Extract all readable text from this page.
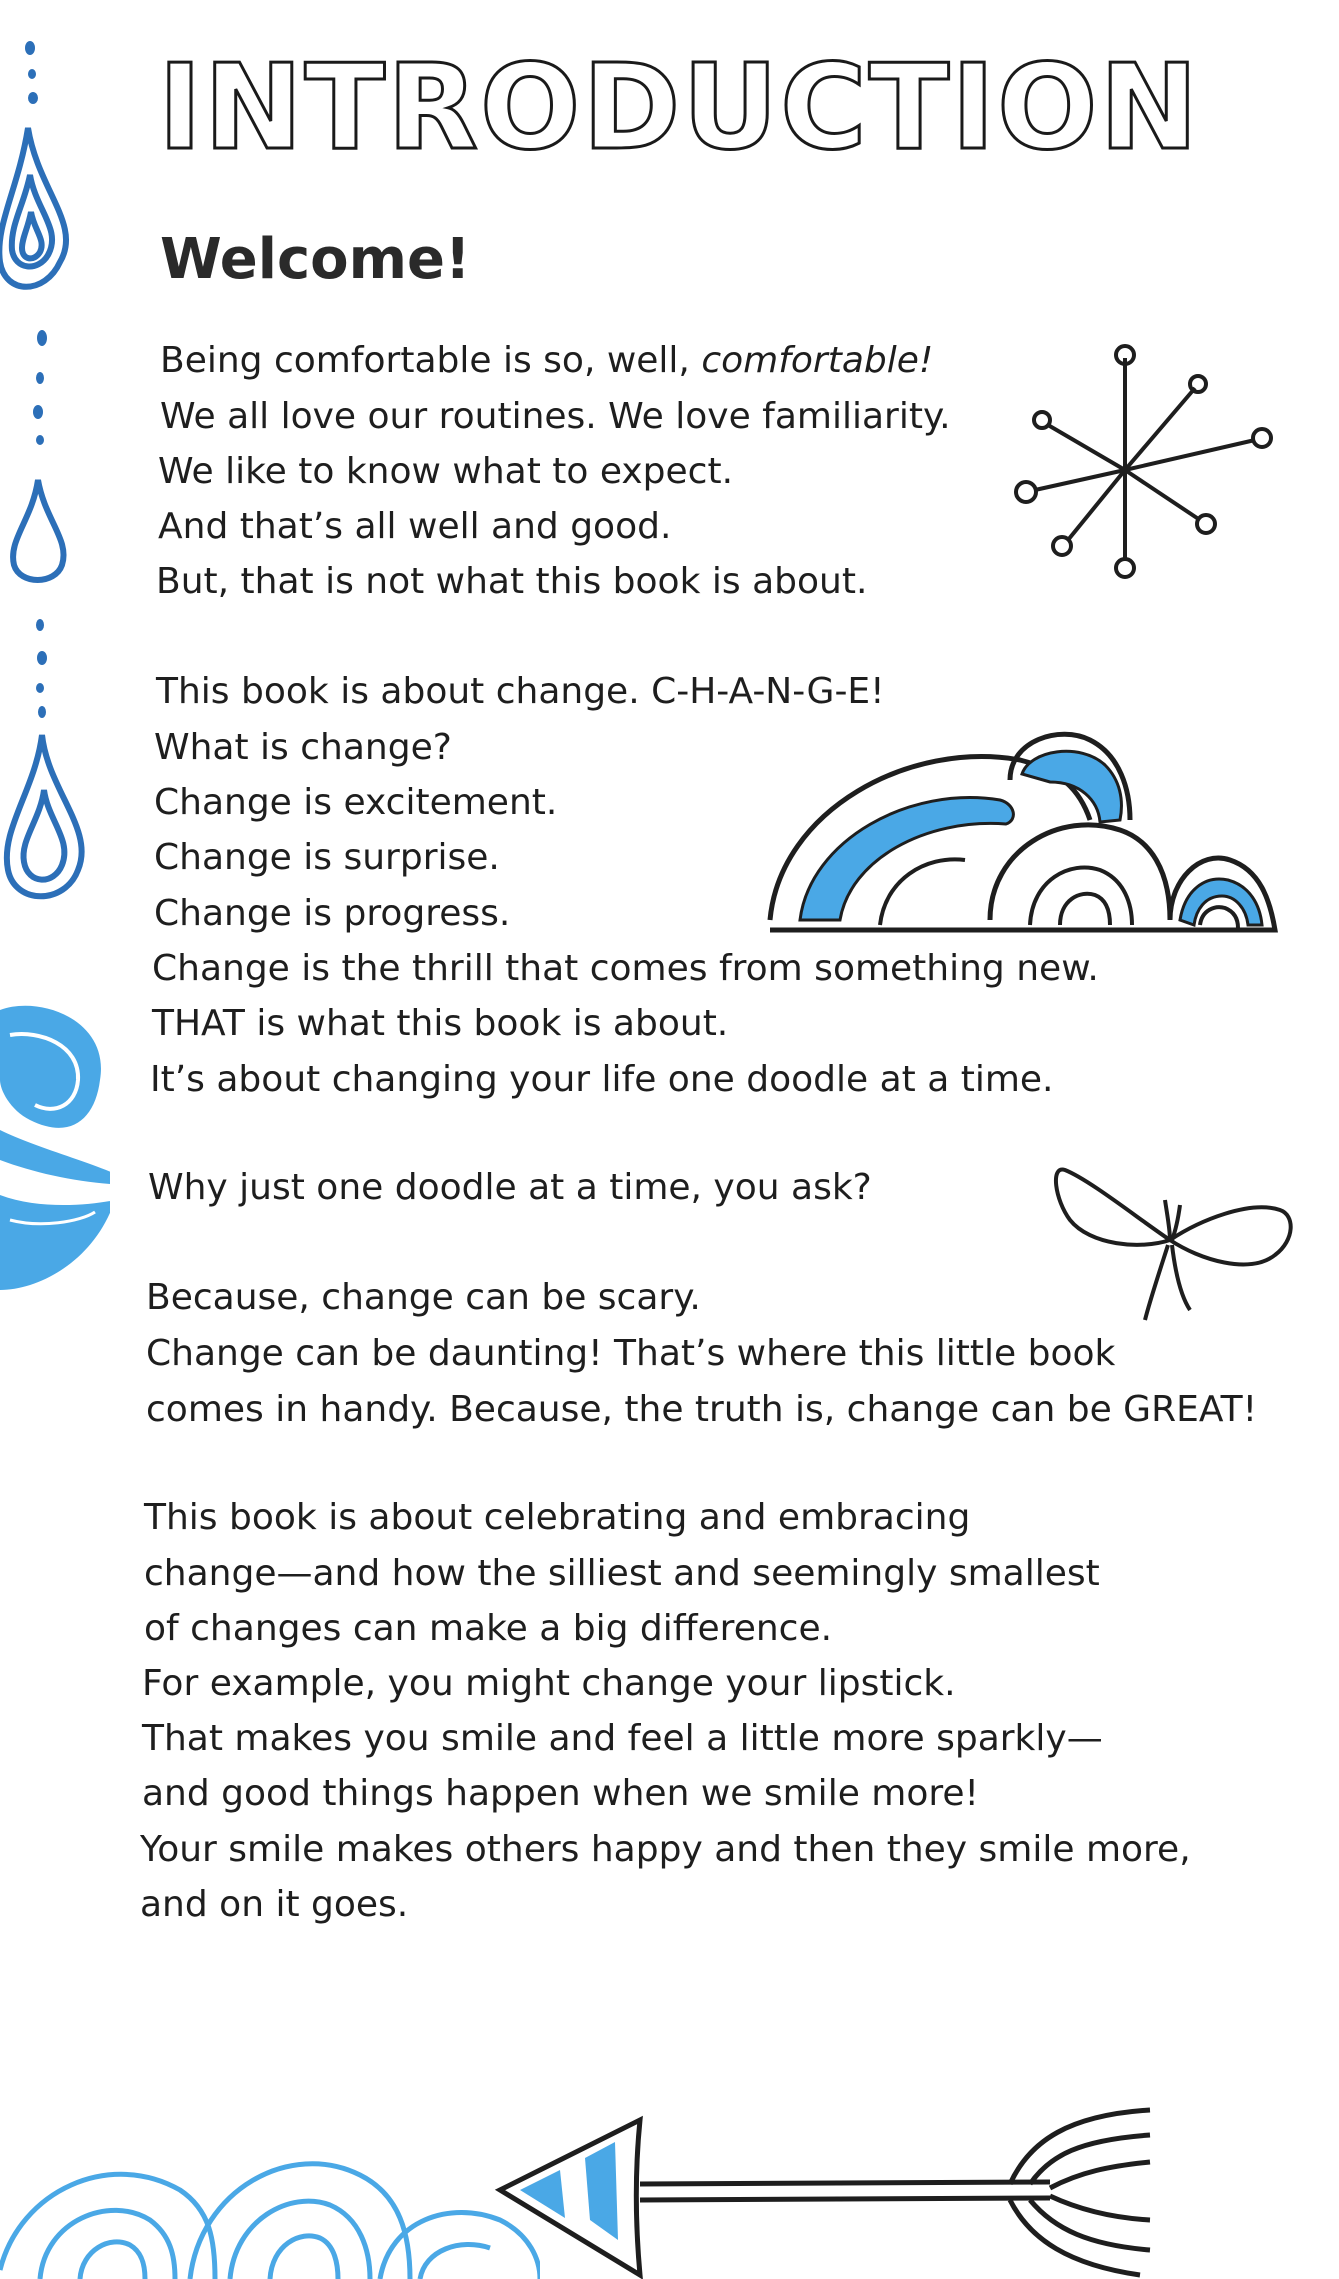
INTRODUCTION
Welcome!

Being comfortable is so, well, comfortable!

We all love our routines. We love familiarity.

We like to know what to expect.

And that’s all well and good.

But, that is not what this book is about.

This book is about change. C-H-A-N-G-E!

What is change?

Change is excitement.

Change is surprise.

Change is progress.

Change is the thrill that comes from something new.

THAT is what this book is about.

It’s about changing your life one doodle at a time.

Why just one doodle at a time, you ask?

Because, change can be scary.

Change can be daunting! That’s where this little book

comes in handy. Because, the truth is, change can be GREAT!

This book is about celebrating and embracing

change—and how the silliest and seemingly smallest

of changes can make a big difference.

For example, you might change your lipstick.

That makes you smile and feel a little more sparkly—

and good things happen when we smile more!

Your smile makes others happy and then they smile more,

and on it goes.
